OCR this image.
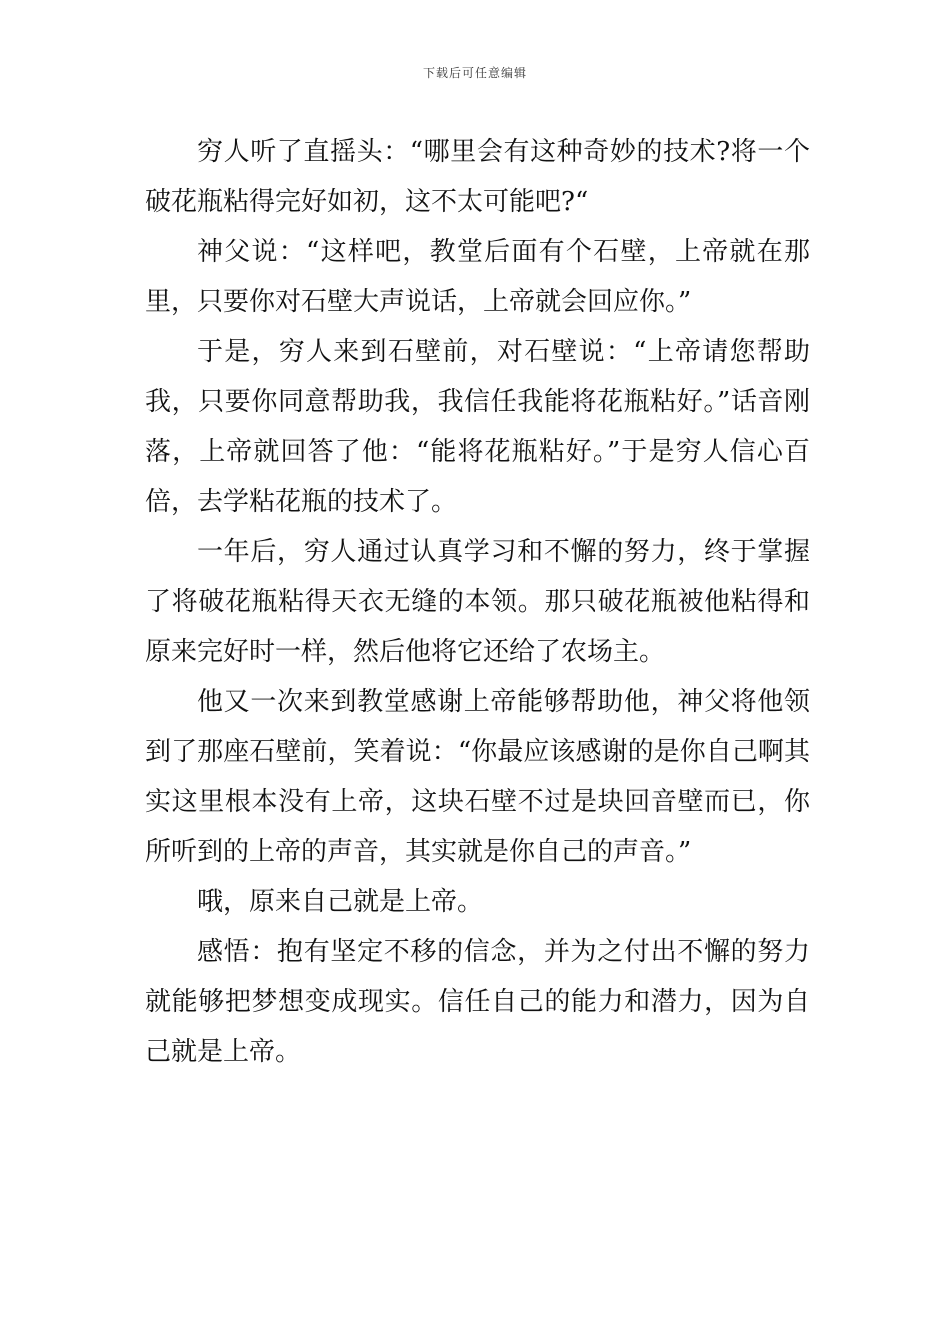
下载后可任意编辑

穷人听了直摇头：“哪里会有这种奇妙的技术?将一个破花瓶粘得完好如初，这不太可能吧?“

神父说：“这样吧，教堂后面有个石壁，上帝就在那里，只要你对石壁大声说话，上帝就会回应你。”

于是，穷人来到石壁前，对石壁说：“上帝请您帮助我，只要你同意帮助我，我信任我能将花瓶粘好。”话音刚落，上帝就回答了他：“能将花瓶粘好。”于是穷人信心百倍，去学粘花瓶的技术了。

一年后，穷人通过认真学习和不懈的努力，终于掌握了将破花瓶粘得天衣无缝的本领。那只破花瓶被他粘得和原来完好时一样，然后他将它还给了农场主。

他又一次来到教堂感谢上帝能够帮助他，神父将他领到了那座石壁前，笑着说：“你最应该感谢的是你自己啊其实这里根本没有上帝，这块石壁不过是块回音壁而已，你所听到的上帝的声音，其实就是你自己的声音。”

哦，原来自己就是上帝。

感悟：抱有坚定不移的信念，并为之付出不懈的努力就能够把梦想变成现实。信任自己的能力和潜力，因为自己就是上帝。
